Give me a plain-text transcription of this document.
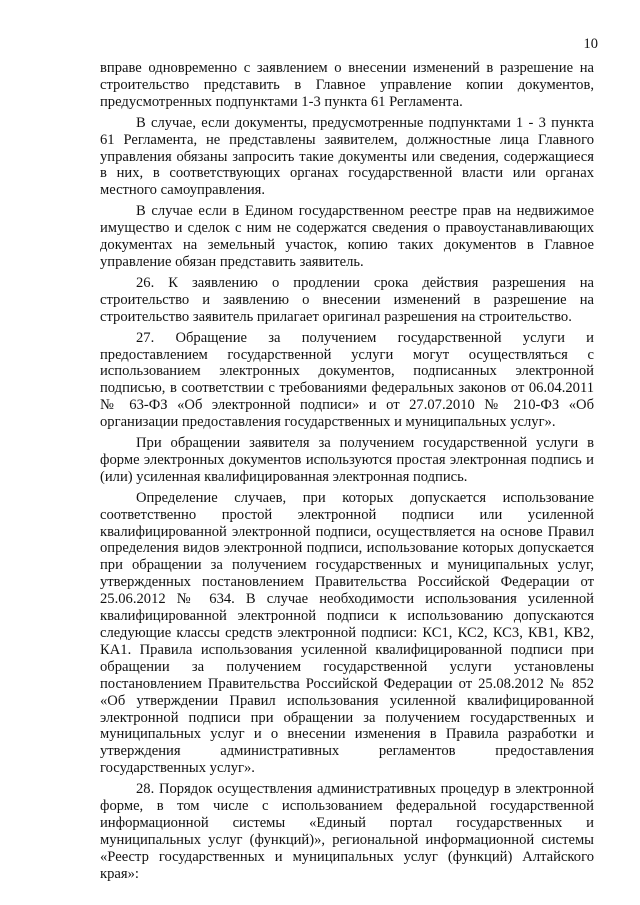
10

вправе одновременно с заявлением о внесении изменений в разрешение на строительство представить в Главное управление копии документов, предусмотренных подпунктами 1-3 пункта 61 Регламента.

В случае, если документы, предусмотренные подпунктами 1 - 3 пункта 61 Регламента, не представлены заявителем, должностные лица Главного управления обязаны запросить такие документы или сведения, содержащиеся в них, в соответствующих органах государственной власти или органах местного самоуправления.

В случае если в Едином государственном реестре прав на недвижимое имущество и сделок с ним не содержатся сведения о правоустанавливающих документах на земельный участок, копию таких документов в Главное управление обязан представить заявитель.

26. К заявлению о продлении срока действия разрешения на строительство и заявлению о внесении изменений в разрешение на строительство заявитель прилагает оригинал разрешения на строительство.

27. Обращение за получением государственной услуги и предоставлением государственной услуги могут осуществляться с использованием электронных документов, подписанных электронной подписью, в соответствии с требованиями федеральных законов от 06.04.2011 № 63-ФЗ «Об электронной подписи» и от 27.07.2010 № 210-ФЗ «Об организации предоставления государственных и муниципальных услуг».

При обращении заявителя за получением государственной услуги в форме электронных документов используются простая электронная подпись и (или) усиленная квалифицированная электронная подпись.

Определение случаев, при которых допускается использование соответственно простой электронной подписи или усиленной квалифицированной электронной подписи, осуществляется на основе Правил определения видов электронной подписи, использование которых допускается при обращении за получением государственных и муниципальных услуг, утвержденных постановлением Правительства Российской Федерации от 25.06.2012 № 634. В случае необходимости использования усиленной квалифицированной электронной подписи к использованию допускаются следующие классы средств электронной подписи: КС1, КС2, КС3, КВ1, КВ2, КА1. Правила использования усиленной квалифицированной подписи при обращении за получением государственной услуги установлены постановлением Правительства Российской Федерации от 25.08.2012 № 852 «Об утверждении Правил использования усиленной квалифицированной электронной подписи при обращении за получением государственных и муниципальных услуг и о внесении изменения в Правила разработки и утверждения административных регламентов предоставления государственных услуг».

28. Порядок осуществления административных процедур в электронной форме, в том числе с использованием федеральной государственной информационной системы «Единый портал государственных и муниципальных услуг (функций)», региональной информационной системы «Реестр государственных и муниципальных услуг (функций) Алтайского края»:
